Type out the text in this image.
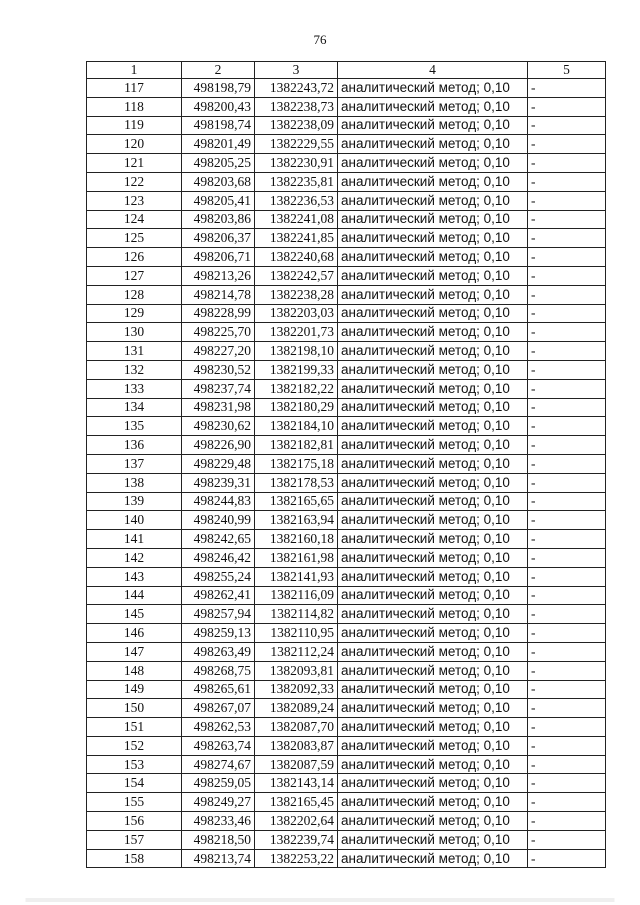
76
1	2	3	4	5
117	498198,79	1382243,72	аналитический метод; 0,10	-
118	498200,43	1382238,73	аналитический метод; 0,10	-
119	498198,74	1382238,09	аналитический метод; 0,10	-
120	498201,49	1382229,55	аналитический метод; 0,10	-
121	498205,25	1382230,91	аналитический метод; 0,10	-
122	498203,68	1382235,81	аналитический метод; 0,10	-
123	498205,41	1382236,53	аналитический метод; 0,10	-
124	498203,86	1382241,08	аналитический метод; 0,10	-
125	498206,37	1382241,85	аналитический метод; 0,10	-
126	498206,71	1382240,68	аналитический метод; 0,10	-
127	498213,26	1382242,57	аналитический метод; 0,10	-
128	498214,78	1382238,28	аналитический метод; 0,10	-
129	498228,99	1382203,03	аналитический метод; 0,10	-
130	498225,70	1382201,73	аналитический метод; 0,10	-
131	498227,20	1382198,10	аналитический метод; 0,10	-
132	498230,52	1382199,33	аналитический метод; 0,10	-
133	498237,74	1382182,22	аналитический метод; 0,10	-
134	498231,98	1382180,29	аналитический метод; 0,10	-
135	498230,62	1382184,10	аналитический метод; 0,10	-
136	498226,90	1382182,81	аналитический метод; 0,10	-
137	498229,48	1382175,18	аналитический метод; 0,10	-
138	498239,31	1382178,53	аналитический метод; 0,10	-
139	498244,83	1382165,65	аналитический метод; 0,10	-
140	498240,99	1382163,94	аналитический метод; 0,10	-
141	498242,65	1382160,18	аналитический метод; 0,10	-
142	498246,42	1382161,98	аналитический метод; 0,10	-
143	498255,24	1382141,93	аналитический метод; 0,10	-
144	498262,41	1382116,09	аналитический метод; 0,10	-
145	498257,94	1382114,82	аналитический метод; 0,10	-
146	498259,13	1382110,95	аналитический метод; 0,10	-
147	498263,49	1382112,24	аналитический метод; 0,10	-
148	498268,75	1382093,81	аналитический метод; 0,10	-
149	498265,61	1382092,33	аналитический метод; 0,10	-
150	498267,07	1382089,24	аналитический метод; 0,10	-
151	498262,53	1382087,70	аналитический метод; 0,10	-
152	498263,74	1382083,87	аналитический метод; 0,10	-
153	498274,67	1382087,59	аналитический метод; 0,10	-
154	498259,05	1382143,14	аналитический метод; 0,10	-
155	498249,27	1382165,45	аналитический метод; 0,10	-
156	498233,46	1382202,64	аналитический метод; 0,10	-
157	498218,50	1382239,74	аналитический метод; 0,10	-
158	498213,74	1382253,22	аналитический метод; 0,10	-
